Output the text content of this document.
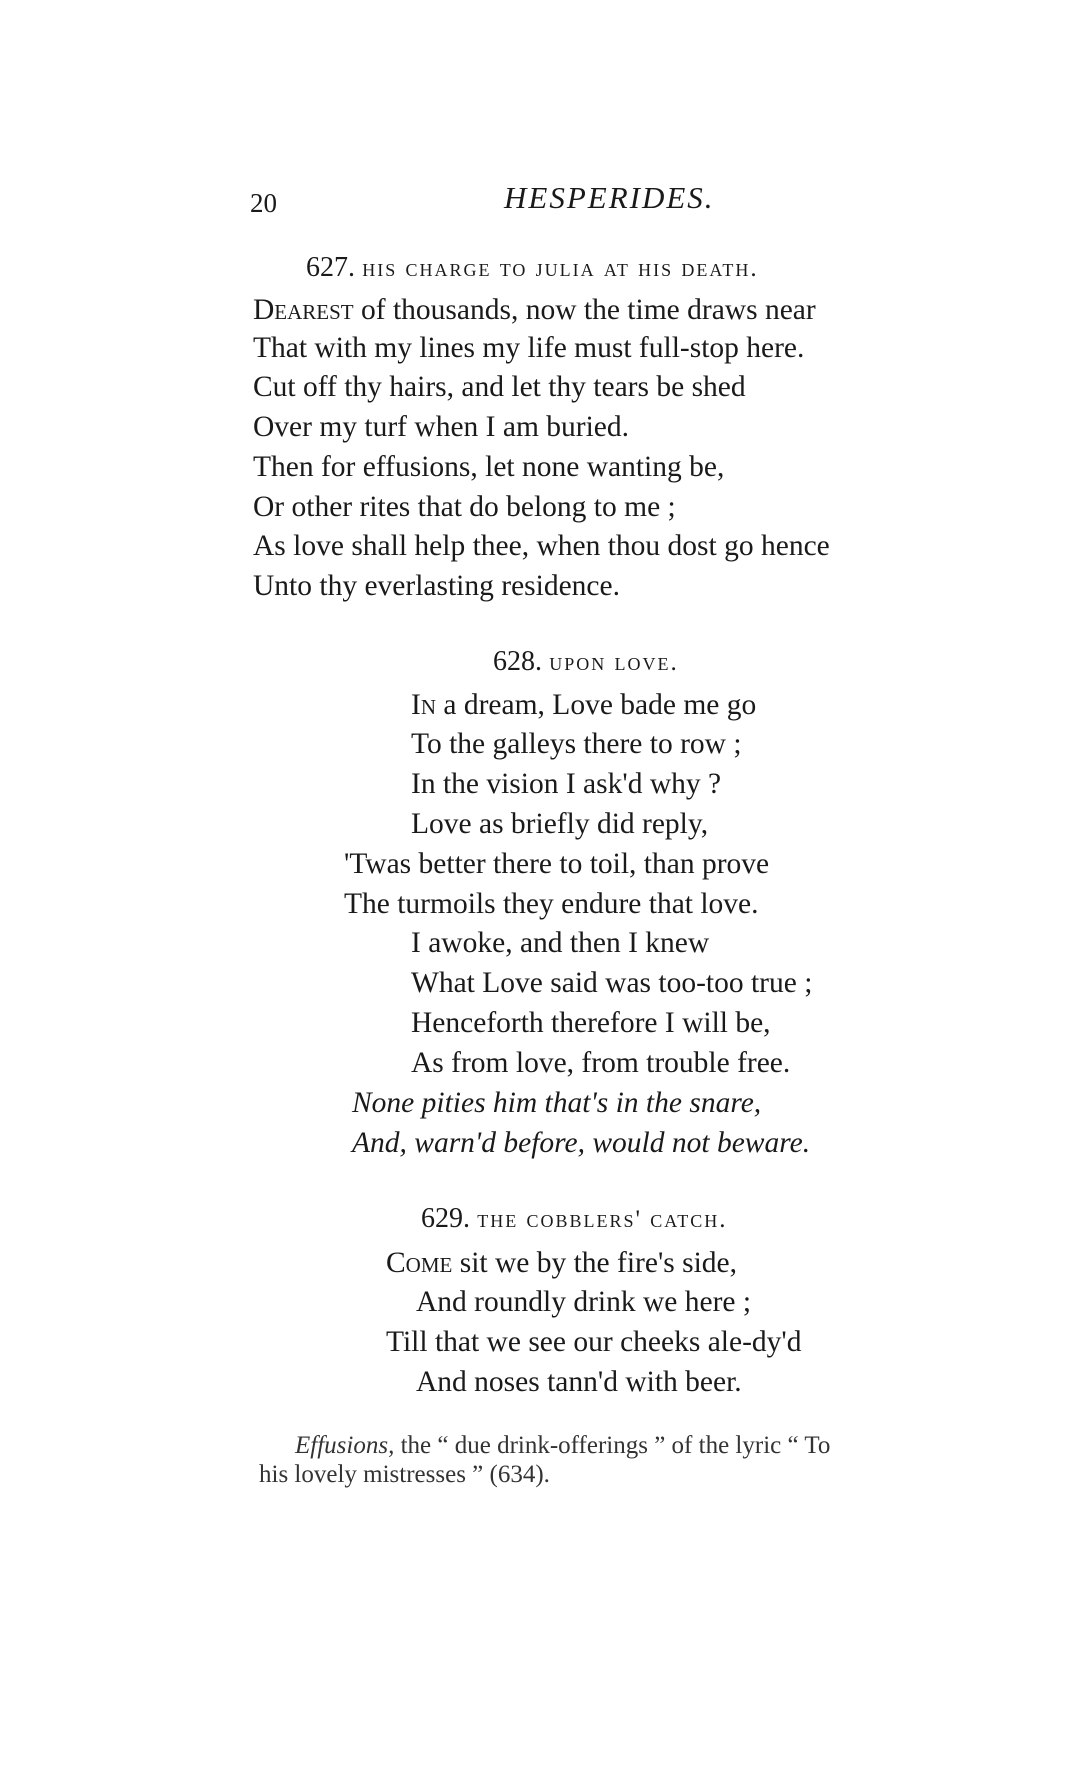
20	HESPERIDES.
627. his charge to julia at his death.
Dearest of thousands, now the time draws near
That with my lines my life must full-stop here.
Cut off thy hairs, and let thy tears be shed
Over my turf when I am buried.
Then for effusions, let none wanting be,
Or other rites that do belong to me ;
As love shall help thee, when thou dost go hence
Unto thy everlasting residence.
628. upon love.
In a dream, Love bade me go
To the galleys there to row ;
In the vision I ask'd why ?
Love as briefly did reply,
'Twas better there to toil, than prove
The turmoils they endure that love.
I awoke, and then I knew
What Love said was too-too true ;
Henceforth therefore I will be,
As from love, from trouble free.
None pities him that's in the snare,
And, warn'd before, would not beware.
629. the cobblers' catch.
Come sit we by the fire's side,
And roundly drink we here ;
Till that we see our cheeks ale-dy'd
And noses tann'd with beer.
Effusions, the “ due drink-offerings ” of the lyric “ To
his lovely mistresses ” (634).
